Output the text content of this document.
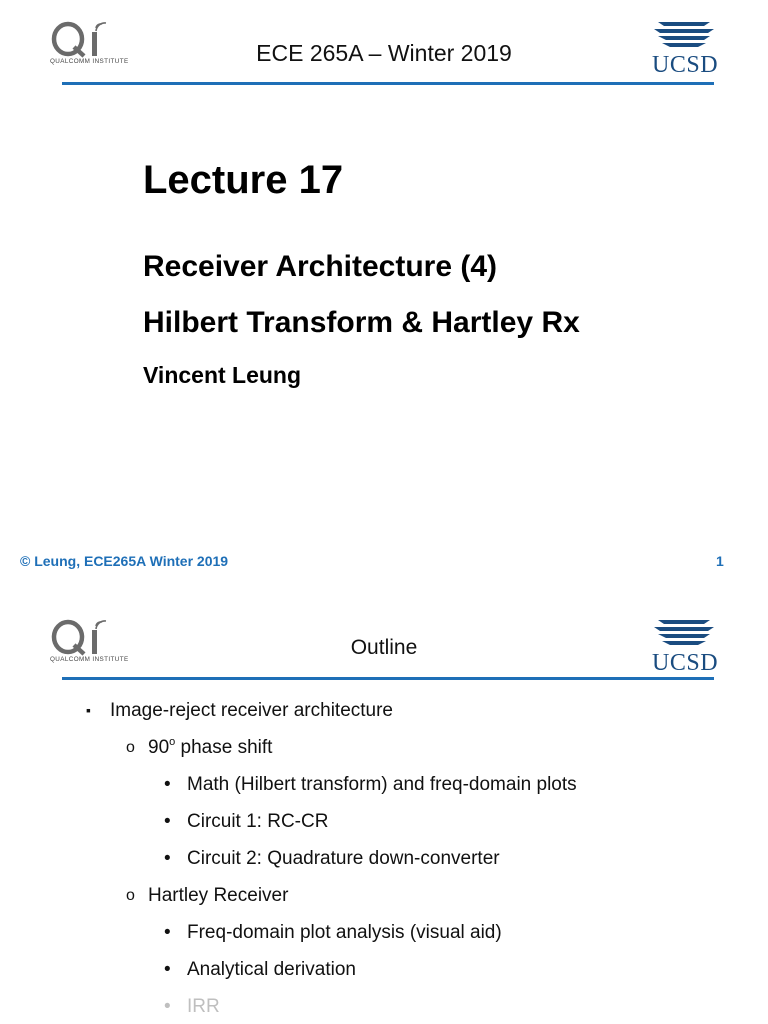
QUALCOMM INSTITUTE	ECE 265A – Winter 2019	UCSD
Lecture 17
Receiver Architecture (4)
Hilbert Transform & Hartley Rx
Vincent Leung
© Leung, ECE265A Winter 2019	1
QUALCOMM INSTITUTE
Outline
UCSD
▪ Image-reject receiver architecture
o 90$^o$ phase shift
• Math (Hilbert transform) and freq-domain plots
• Circuit 1: RC-CR
• Circuit 2: Quadrature down-converter
o Hartley Receiver
• Freq-domain plot analysis (visual aid)
• Analytical derivation
• IRR
